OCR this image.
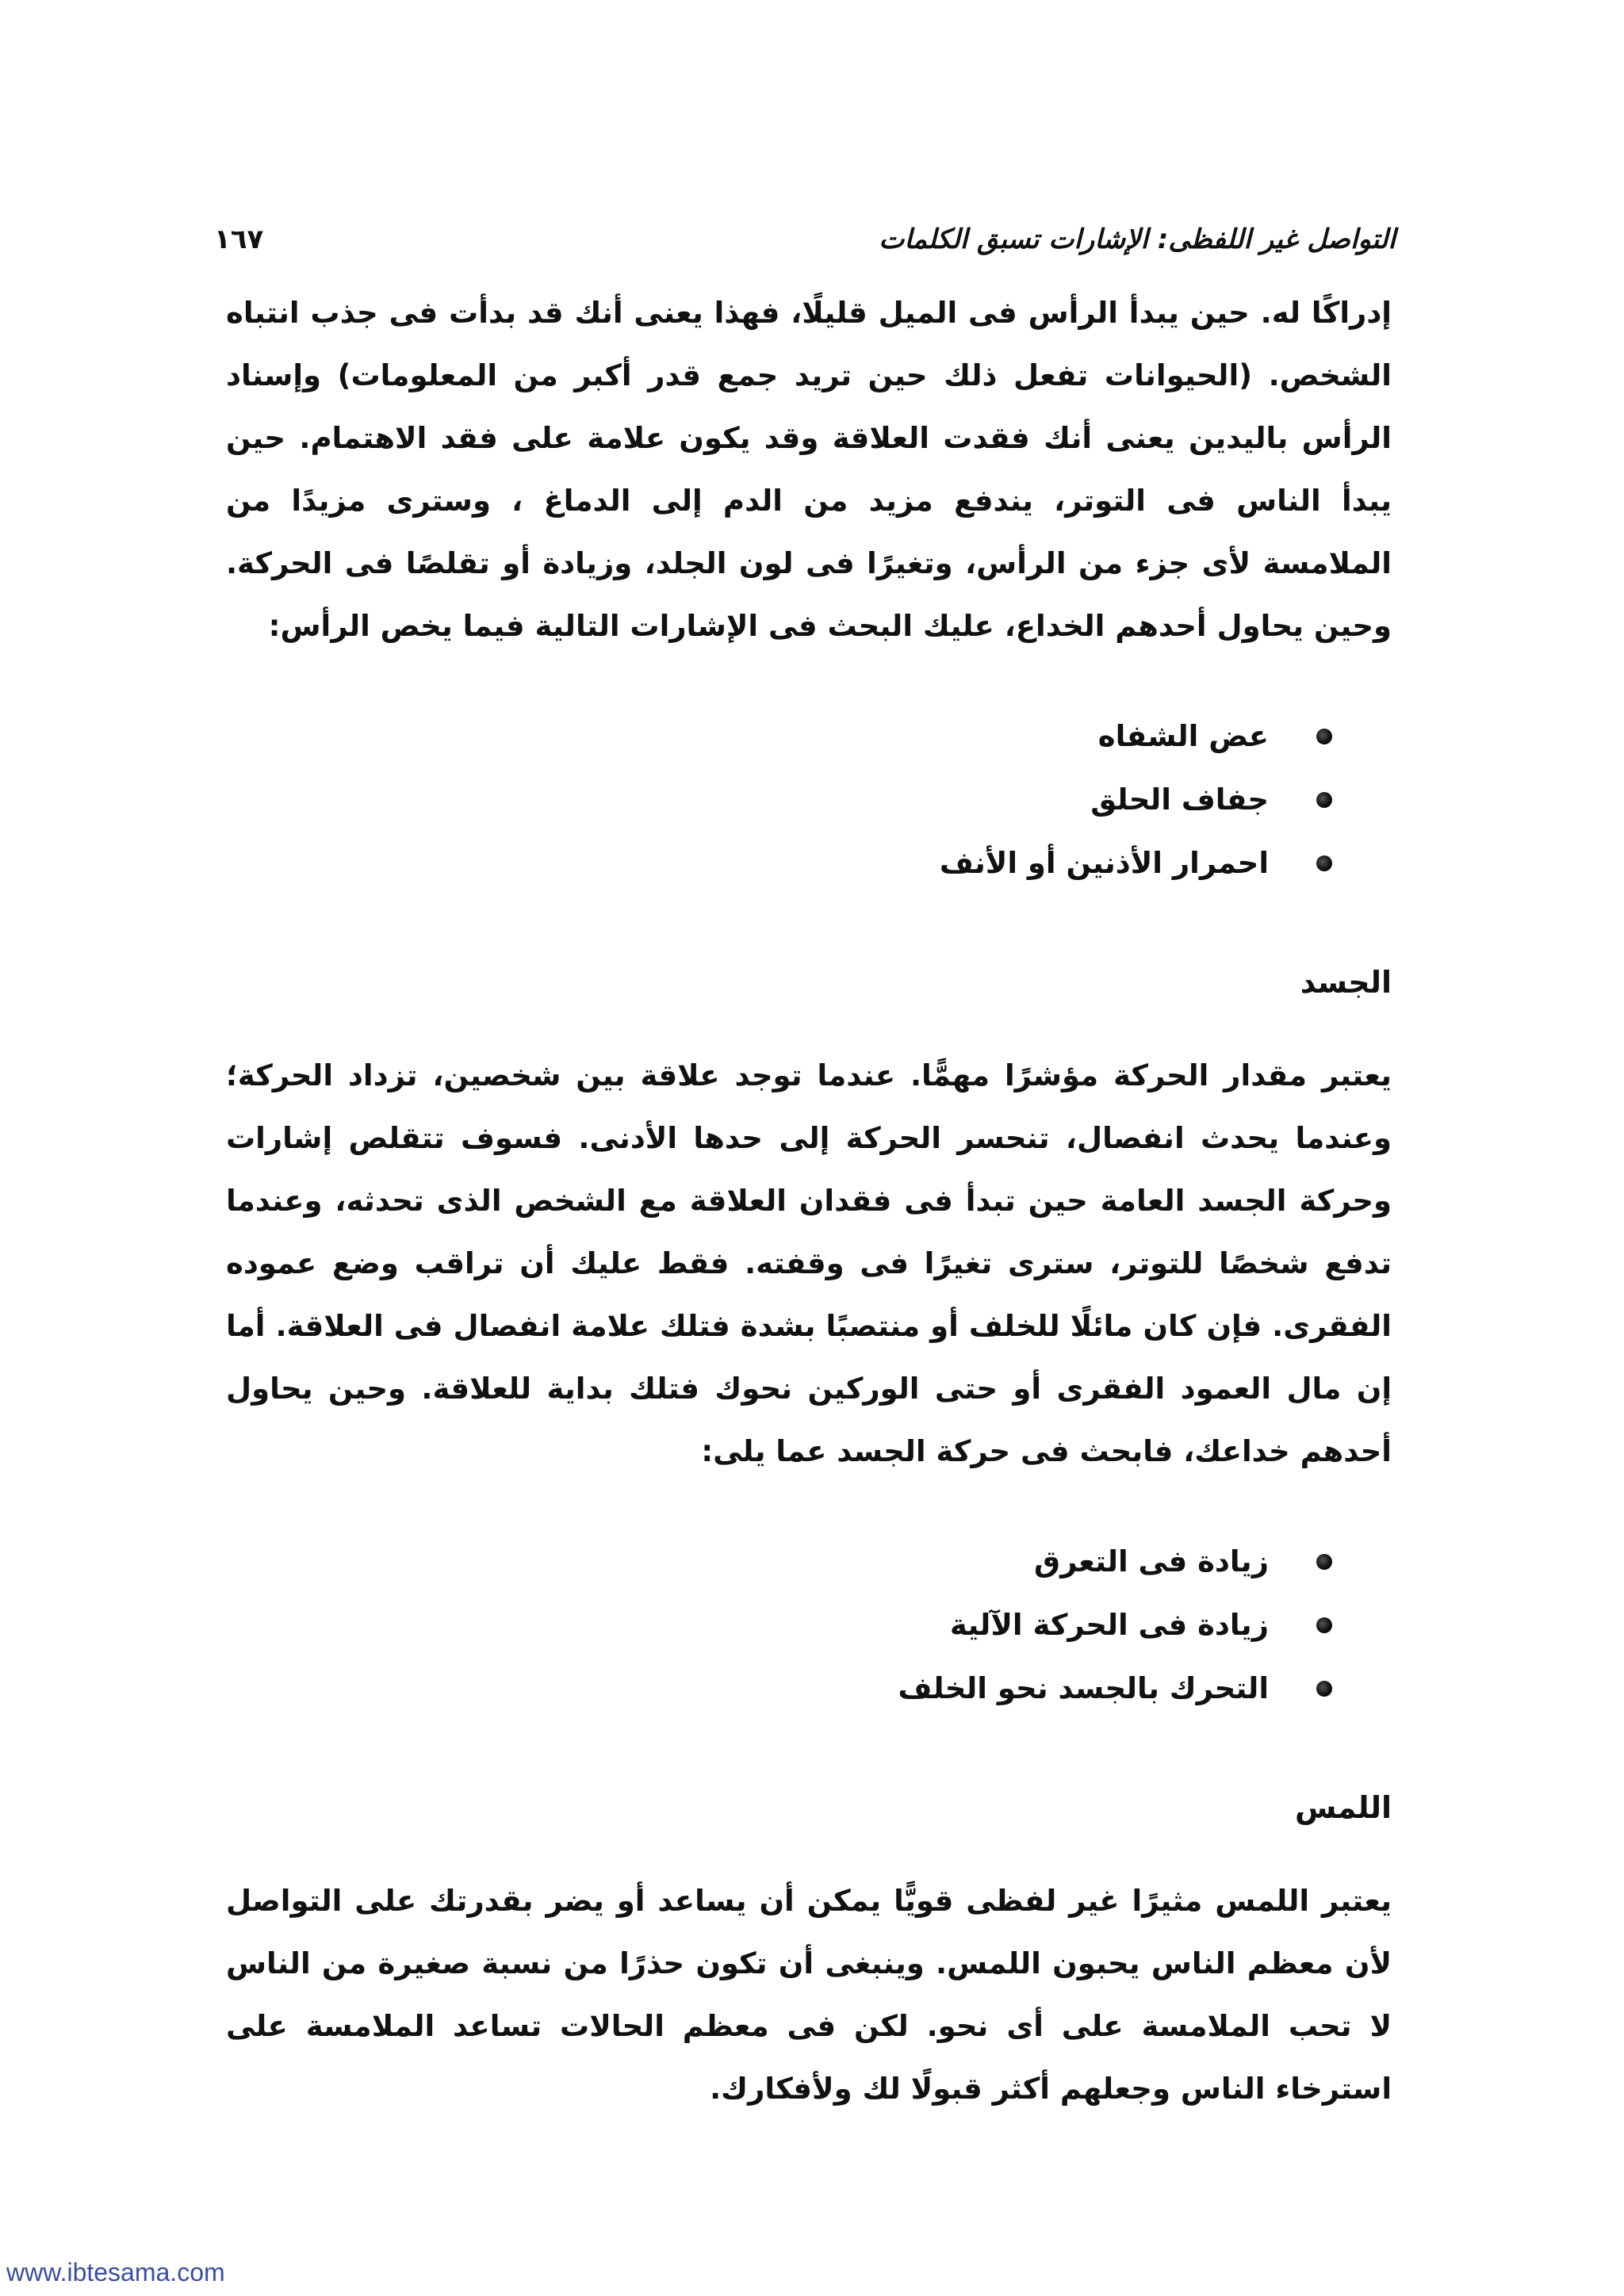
التواصل غير اللفظى: الإشارات تسبق الكلمات
١٦٧

إدراكًا له. حين يبدأ الرأس فى الميل قليلًا، فهذا يعنى أنك قد بدأت فى جذب انتباه الشخص. (الحيوانات تفعل ذلك حين تريد جمع قدر أكبر من المعلومات) وإسناد الرأس باليدين يعنى أنك فقدت العلاقة وقد يكون علامة على فقد الاهتمام. حين يبدأ الناس فى التوتر، يندفع مزيد من الدم إلى الدماغ ، وسترى مزيدًا من الملامسة لأى جزء من الرأس، وتغيرًا فى لون الجلد، وزيادة أو تقلصًا فى الحركة. وحين يحاول أحدهم الخداع، عليك البحث فى الإشارات التالية فيما يخص الرأس:

عض الشفاه
جفاف الحلق
احمرار الأذنين أو الأنف
الجسد

يعتبر مقدار الحركة مؤشرًا مهمًّا. عندما توجد علاقة بين شخصين، تزداد الحركة؛ وعندما يحدث انفصال، تنحسر الحركة إلى حدها الأدنى. فسوف تتقلص إشارات وحركة الجسد العامة حين تبدأ فى فقدان العلاقة مع الشخص الذى تحدثه، وعندما تدفع شخصًا للتوتر، سترى تغيرًا فى وقفته. فقط عليك أن تراقب وضع عموده الفقرى. فإن كان مائلًا للخلف أو منتصبًا بشدة فتلك علامة انفصال فى العلاقة. أما إن مال العمود الفقرى أو حتى الوركين نحوك فتلك بداية للعلاقة. وحين يحاول أحدهم خداعك، فابحث فى حركة الجسد عما يلى:

زيادة فى التعرق
زيادة فى الحركة الآلية
التحرك بالجسد نحو الخلف
اللمس

يعتبر اللمس مثيرًا غير لفظى قويًّا يمكن أن يساعد أو يضر بقدرتك على التواصل لأن معظم الناس يحبون اللمس. وينبغى أن تكون حذرًا من نسبة صغيرة من الناس لا تحب الملامسة على أى نحو. لكن فى معظم الحالات تساعد الملامسة على استرخاء الناس وجعلهم أكثر قبولًا لك ولأفكارك.

www.ibtesama.com
